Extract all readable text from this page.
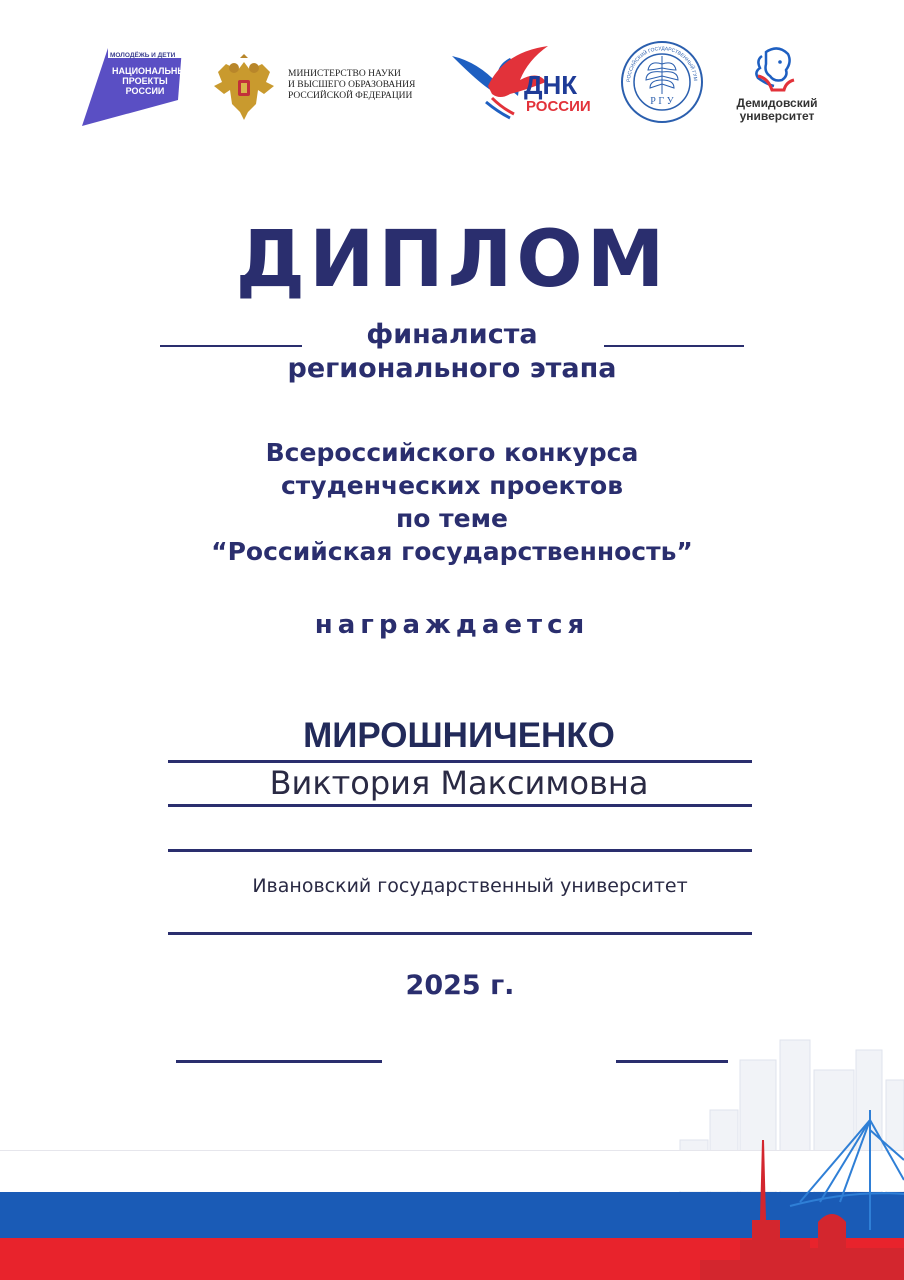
МОЛОДЁЖЬ И ДЕТИ
НАЦИОНАЛЬНЫЕ ПРОЕКТЫ РОССИИ
МИНИСТЕРСТВО НАУКИ
И ВЫСШЕГО ОБРАЗОВАНИЯ
РОССИЙСКОЙ ФЕДЕРАЦИИ	ДНК
РОССИИ	Р Г У
РОССИЙСКИЙ ГОСУДАРСТВЕННЫЙ ГУМ
Демидовский
университет
ДИПЛОМ
финалиста
регионального этапа
Всероссийского конкурса
студенческих проектов
по теме
“Российская государственность”
награждается
МИРОШНИЧЕНКО
Виктория Максимовна
Ивановский государственный университет
2025 г.
